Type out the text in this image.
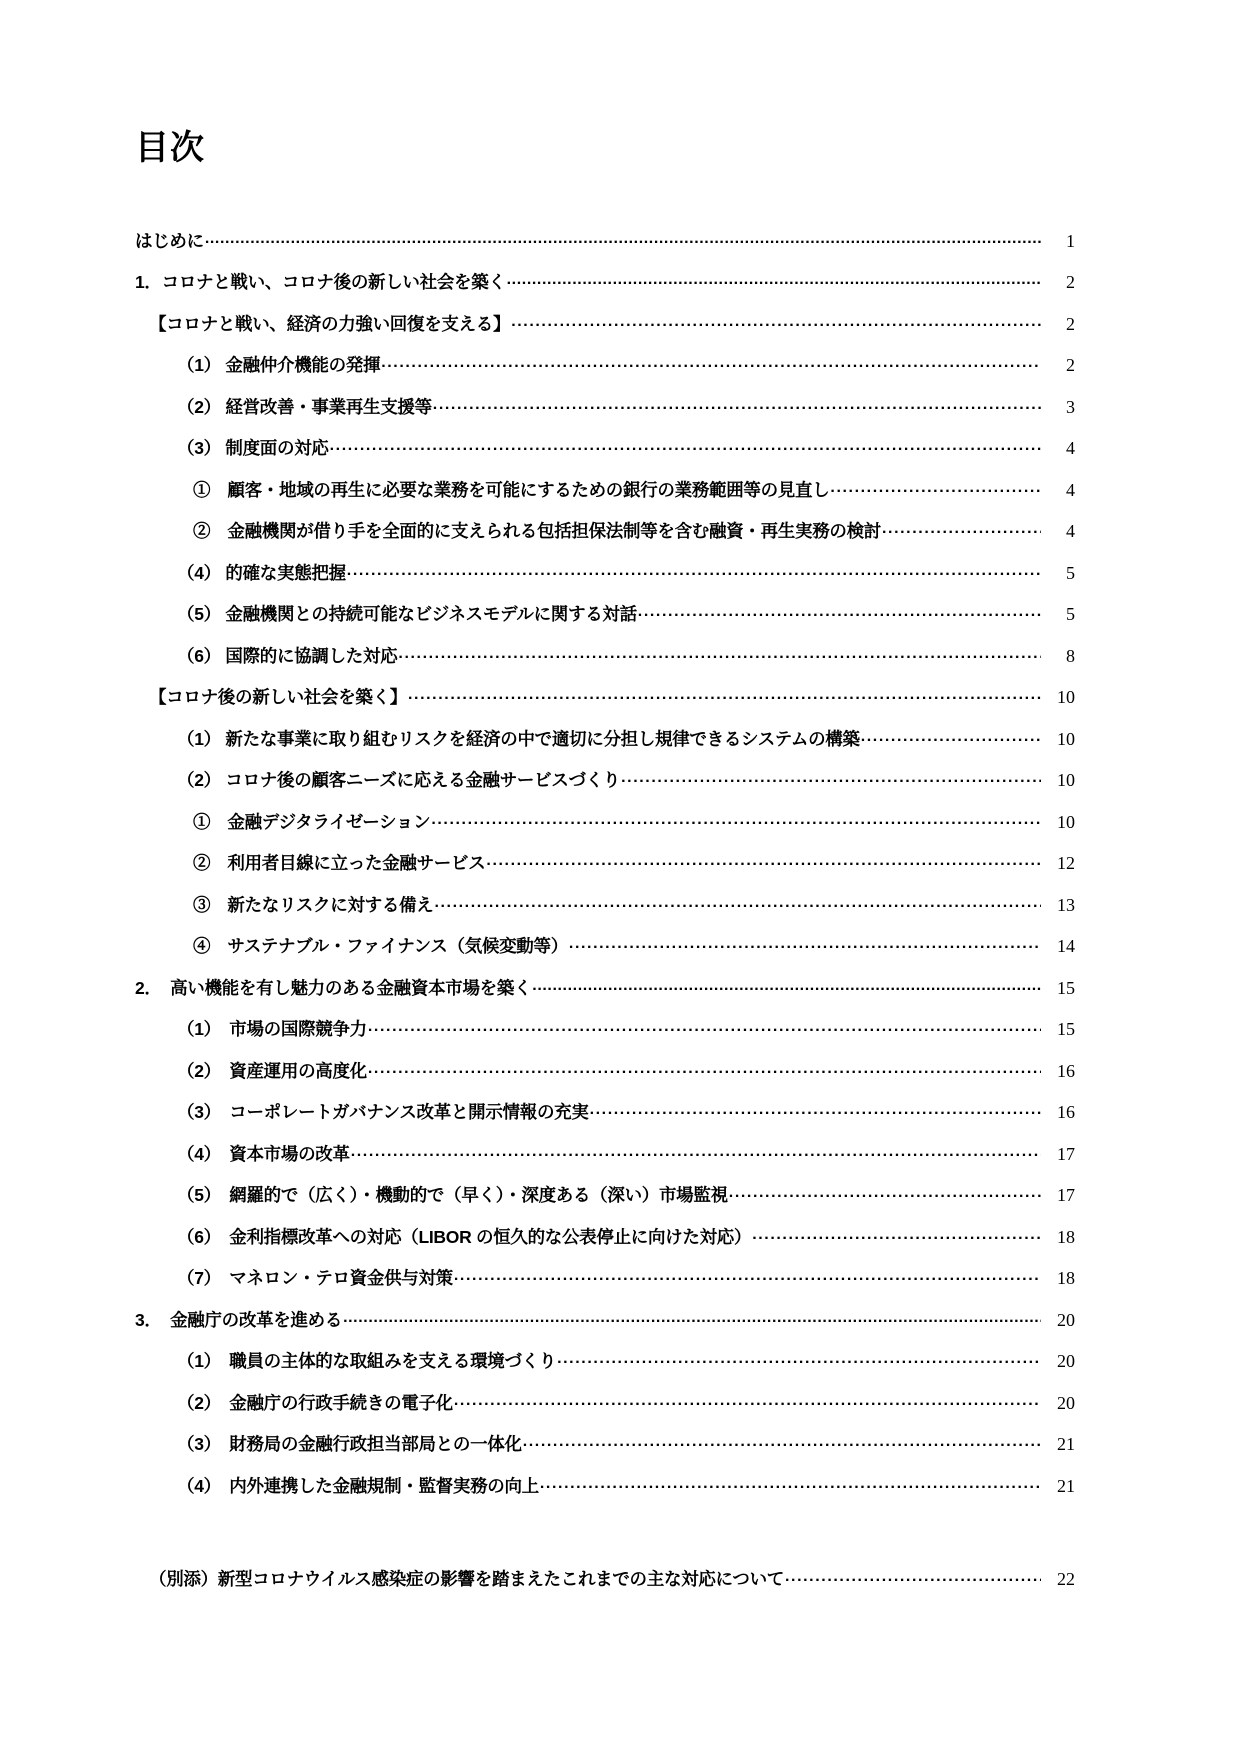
目次
はじめに .....	1
1．コロナと戦い、コロナ後の新しい社会を築く .....	2
【コロナと戦い、経済の力強い回復を支える】 .....	2
（1） 金融仲介機能の発揮 .....	2
（2） 経営改善・事業再生支援等 .....	3
（3） 制度面の対応 .....	4
①　顧客・地域の再生に必要な業務を可能にするための銀行の業務範囲等の見直し .....	4
②　金融機関が借り手を全面的に支えられる包括担保法制等を含む融資・再生実務の検討 .....	4
（4） 的確な実態把握 .....	5
（5） 金融機関との持続可能なビジネスモデルに関する対話 .....	5
（6） 国際的に協調した対応 .....	8
【コロナ後の新しい社会を築く】 .....	10
（1） 新たな事業に取り組むリスクを経済の中で適切に分担し規律できるシステムの構築 .....	10
（2） コロナ後の顧客ニーズに応える金融サービスづくり .....	10
①　金融デジタライゼーション .....	10
②　利用者目線に立った金融サービス .....	12
③　新たなリスクに対する備え .....	13
④　サステナブル・ファイナンス（気候変動等） .....	14
2．　高い機能を有し魅力のある金融資本市場を築く .....	15
（1）　市場の国際競争力 .....	15
（2）　資産運用の高度化 .....	16
（3）　コーポレートガバナンス改革と開示情報の充実 .....	16
（4）　資本市場の改革 .....	17
（5）　網羅的で（広く）・機動的で（早く）・深度ある（深い）市場監視 .....	17
（6）　金利指標改革への対応（LIBOR の恒久的な公表停止に向けた対応） .....	18
（7）　マネロン・テロ資金供与対策 .....	18
3．　金融庁の改革を進める .....	20
（1）　職員の主体的な取組みを支える環境づくり .....	20
（2）　金融庁の行政手続きの電子化 .....	20
（3）　財務局の金融行政担当部局との一体化 .....	21
（4）　内外連携した金融規制・監督実務の向上 .....	21
（別添）新型コロナウイルス感染症の影響を踏まえたこれまでの主な対応について .....	22
